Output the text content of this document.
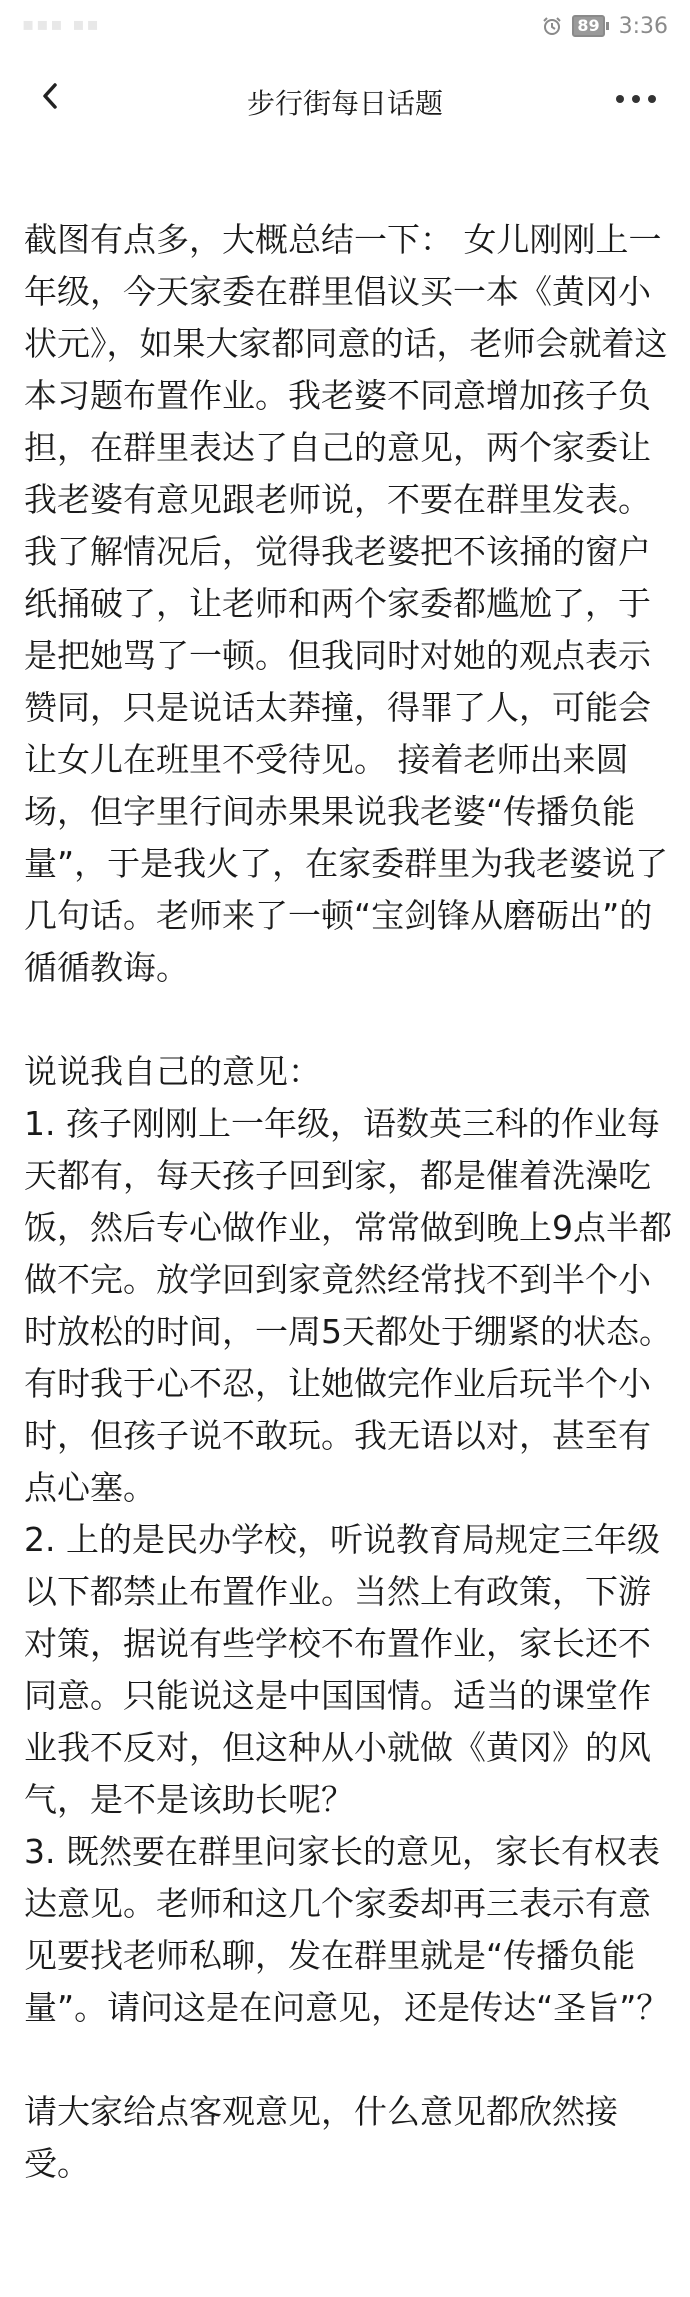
▪▪▪ ▪▪	89 3:36
步行街每日话题

截图有点多，大概总结一下： 女儿刚刚上一年级，今天家委在群里倡议买一本《黄冈小状元》，如果大家都同意的话，老师会就着这本习题布置作业。我老婆不同意增加孩子负担，在群里表达了自己的意见，两个家委让我老婆有意见跟老师说，不要在群里发表。 我了解情况后，觉得我老婆把不该捅的窗户纸捅破了，让老师和两个家委都尴尬了，于是把她骂了一顿。但我同时对她的观点表示赞同，只是说话太莽撞，得罪了人，可能会让女儿在班里不受待见。 接着老师出来圆场，但字里行间赤果果说我老婆“传播负能量”，于是我火了，在家委群里为我老婆说了几句话。老师来了一顿“宝剑锋从磨砺出”的循循教诲。

说说我自己的意见：
1. 孩子刚刚上一年级，语数英三科的作业每天都有，每天孩子回到家，都是催着洗澡吃饭，然后专心做作业，常常做到晚上9点半都做不完。放学回到家竟然经常找不到半个小时放松的时间，一周5天都处于绷紧的状态。有时我于心不忍，让她做完作业后玩半个小时，但孩子说不敢玩。我无语以对，甚至有点心塞。
2. 上的是民办学校，听说教育局规定三年级以下都禁止布置作业。当然上有政策，下游对策，据说有些学校不布置作业，家长还不同意。只能说这是中国国情。适当的课堂作业我不反对，但这种从小就做《黄冈》的风气，是不是该助长呢？
3. 既然要在群里问家长的意见，家长有权表达意见。老师和这几个家委却再三表示有意见要找老师私聊，发在群里就是“传播负能量”。请问这是在问意见，还是传达“圣旨”？

请大家给点客观意见，什么意见都欣然接受。
